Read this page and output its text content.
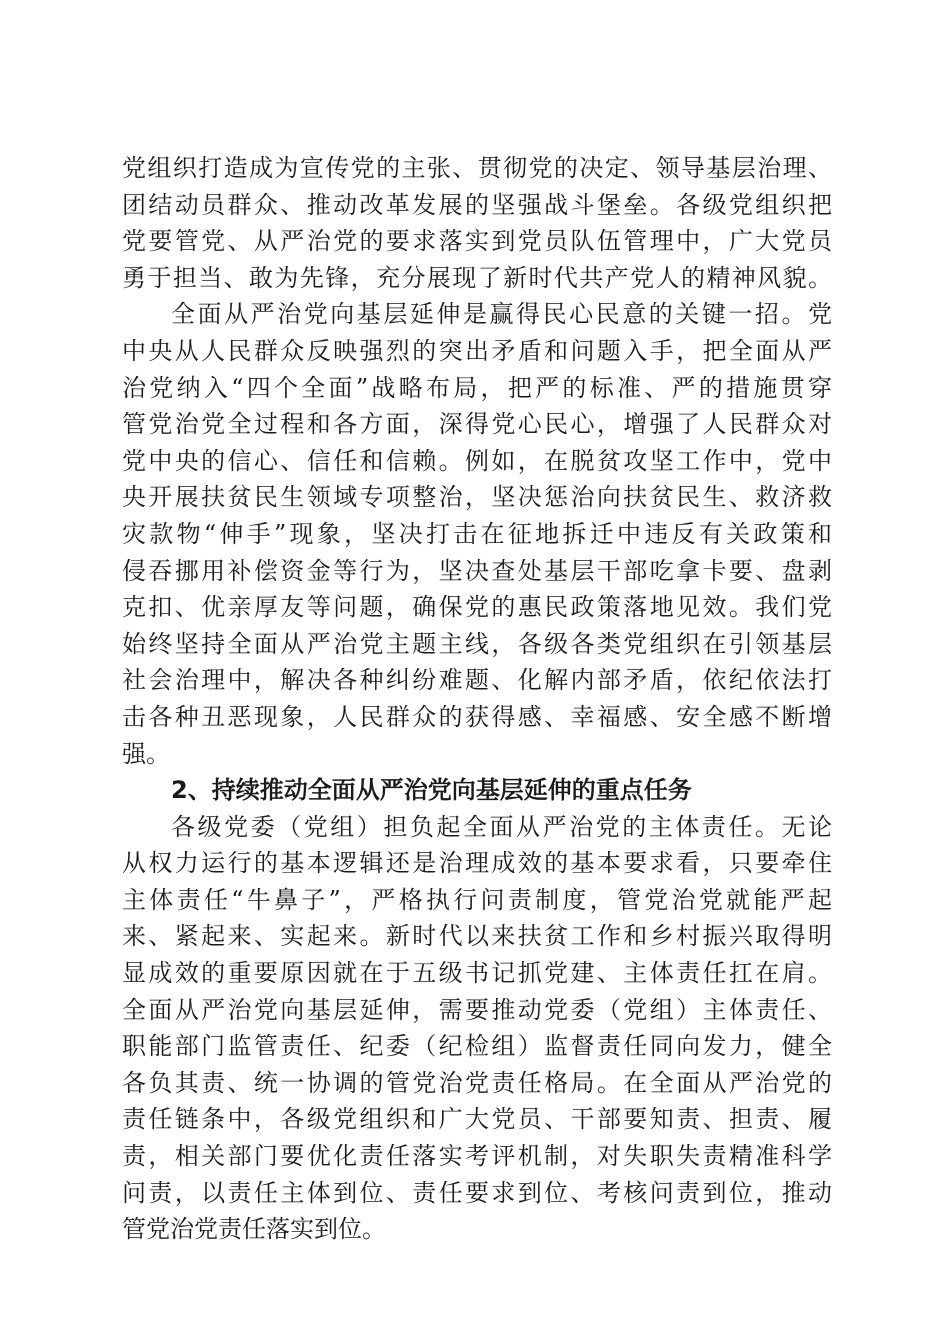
党组织打造成为宣传党的主张、贯彻党的决定、领导基层治理、
团结动员群众、推动改革发展的坚强战斗堡垒。各级党组织把
党要管党、从严治党的要求落实到党员队伍管理中，广大党员
勇于担当、敢为先锋，充分展现了新时代共产党人的精神风貌。
全面从严治党向基层延伸是赢得民心民意的关键一招。党
中央从人民群众反映强烈的突出矛盾和问题入手，把全面从严
治党纳入“四个全面”战略布局，把严的标准、严的措施贯穿
管党治党全过程和各方面，深得党心民心，增强了人民群众对
党中央的信心、信任和信赖。例如，在脱贫攻坚工作中，党中
央开展扶贫民生领域专项整治，坚决惩治向扶贫民生、救济救
灾款物“伸手”现象，坚决打击在征地拆迁中违反有关政策和
侵吞挪用补偿资金等行为，坚决查处基层干部吃拿卡要、盘剥
克扣、优亲厚友等问题，确保党的惠民政策落地见效。我们党
始终坚持全面从严治党主题主线，各级各类党组织在引领基层
社会治理中，解决各种纠纷难题、化解内部矛盾，依纪依法打
击各种丑恶现象，人民群众的获得感、幸福感、安全感不断增
强。
2、持续推动全面从严治党向基层延伸的重点任务
各级党委（党组）担负起全面从严治党的主体责任。无论
从权力运行的基本逻辑还是治理成效的基本要求看，只要牵住
主体责任“牛鼻子”，严格执行问责制度，管党治党就能严起
来、紧起来、实起来。新时代以来扶贫工作和乡村振兴取得明
显成效的重要原因就在于五级书记抓党建、主体责任扛在肩。
全面从严治党向基层延伸，需要推动党委（党组）主体责任、
职能部门监管责任、纪委（纪检组）监督责任同向发力，健全
各负其责、统一协调的管党治党责任格局。在全面从严治党的
责任链条中，各级党组织和广大党员、干部要知责、担责、履
责，相关部门要优化责任落实考评机制，对失职失责精准科学
问责，以责任主体到位、责任要求到位、考核问责到位，推动
管党治党责任落实到位。
